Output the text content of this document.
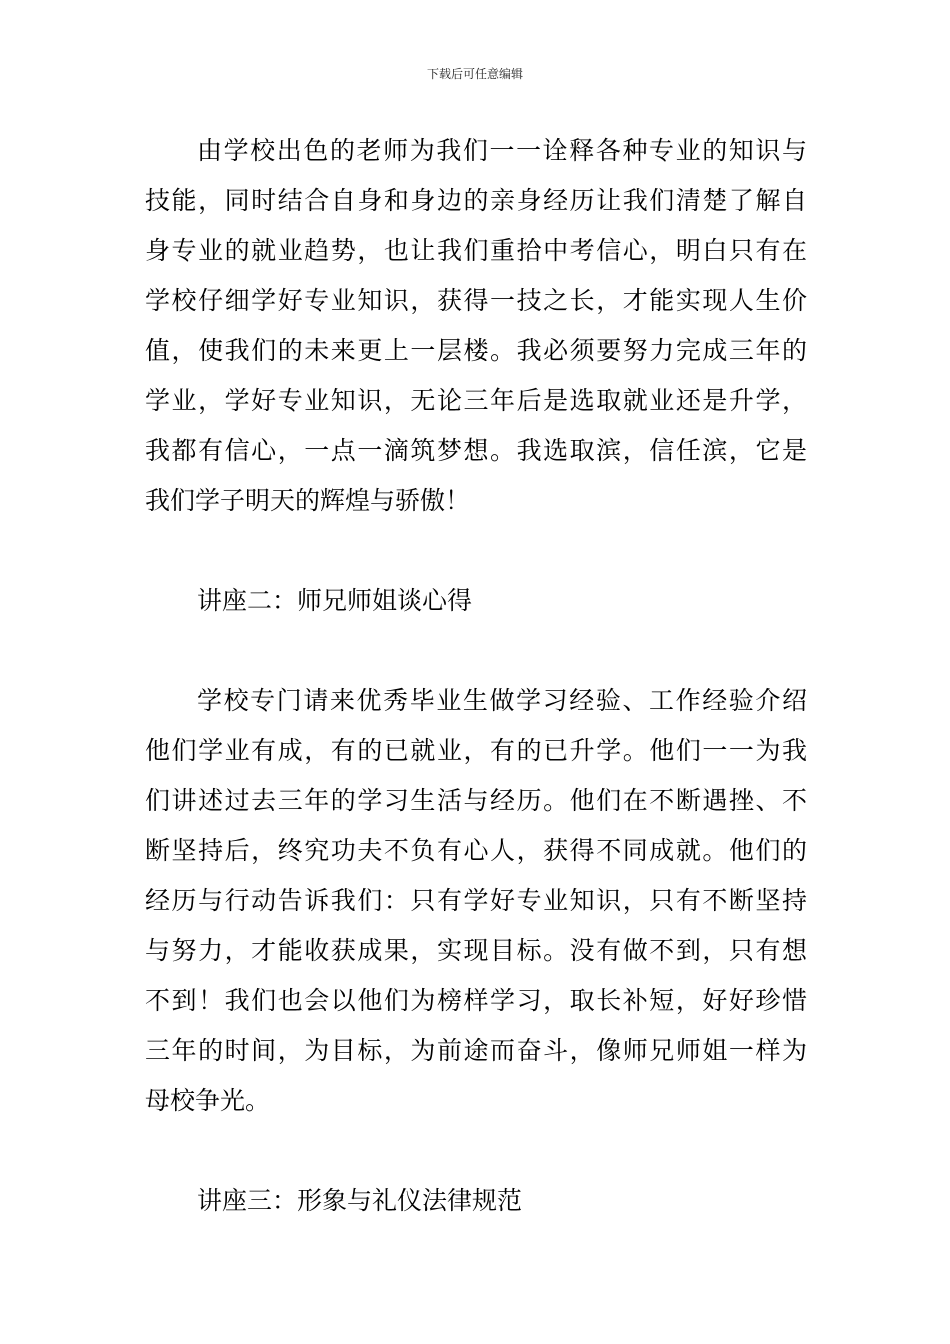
下载后可任意编辑
由学校出色的老师为我们一一诠释各种专业的知识与
技能，同时结合自身和身边的亲身经历让我们清楚了解自
身专业的就业趋势，也让我们重拾中考信心，明白只有在
学校仔细学好专业知识，获得一技之长，才能实现人生价
值，使我们的未来更上一层楼。我必须要努力完成三年的
学业，学好专业知识，无论三年后是选取就业还是升学，
我都有信心，一点一滴筑梦想。我选取滨，信任滨，它是
我们学子明天的辉煌与骄傲！
讲座二：师兄师姐谈心得
学校专门请来优秀毕业生做学习经验、工作经验介绍
他们学业有成，有的已就业，有的已升学。他们一一为我
们讲述过去三年的学习生活与经历。他们在不断遇挫、不
断坚持后，终究功夫不负有心人，获得不同成就。他们的
经历与行动告诉我们：只有学好专业知识，只有不断坚持
与努力，才能收获成果，实现目标。没有做不到，只有想
不到！我们也会以他们为榜样学习，取长补短，好好珍惜
三年的时间，为目标，为前途而奋斗，像师兄师姐一样为
母校争光。
讲座三：形象与礼仪法律规范
